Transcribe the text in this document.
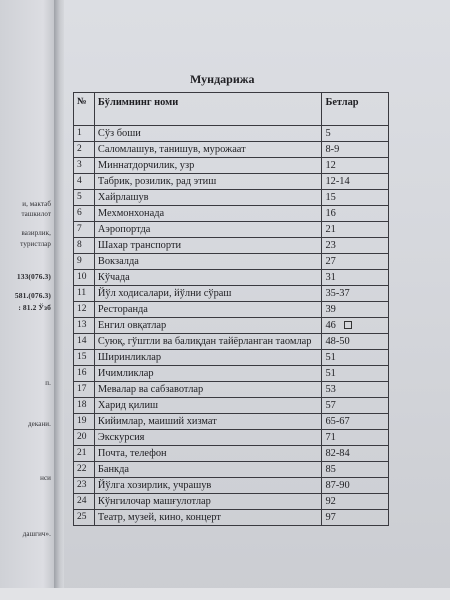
и, мактаб
ташкилот
вазирлик,
туристлар
133(076.3)
581.(076.3)
: 81.2 Ўзб
п.
декани.
нси
дашгич».
Мундарижа
№	Бўлимнинг номи	Бетлар
1	Сўз боши	5
2	Саломлашув, танишув, мурожаат	8-9
3	Миннатдорчилик, узр	12
4	Табрик, розилик, рад этиш	12-14
5	Хайрлашув	15
6	Мехмонхонада	16
7	Аэропортда	21
8	Шахар транспорти	23
9	Вокзалда	27
10	Кўчада	31
11	Йўл ходисалари, йўлни сўраш	35-37
12	Ресторанда	39
13	Енгил овқатлар	46
14	Суюқ, гўштли ва балиқдан тайёрланган таомлар	48-50
15	Ширинликлар	51
16	Ичимликлар	51
17	Мевалар ва сабзавотлар	53
18	Харид қилиш	57
19	Кийимлар, маиший хизмат	65-67
20	Экскурсия	71
21	Почта, телефон	82-84
22	Банкда	85
23	Йўлга хозирлик, учрашув	87-90
24	Кўнгилочар машғулотлар	92
25	Театр, музей, кино, концерт	97
